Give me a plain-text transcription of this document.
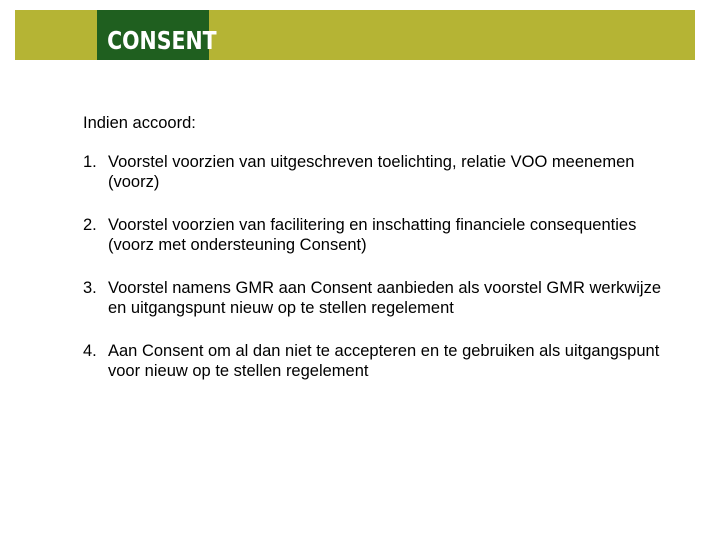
CONSENT

Indien accoord:

1. Voorstel voorzien van uitgeschreven toelichting, relatie VOO meenemen (voorz)
2. Voorstel voorzien van facilitering en inschatting financiele consequenties (voorz met ondersteuning Consent)
3. Voorstel namens GMR aan Consent aanbieden als voorstel GMR werkwijze en uitgangspunt nieuw op te stellen regelement
4. Aan Consent om al dan niet te accepteren en te gebruiken als uitgangspunt voor nieuw op te stellen regelement
